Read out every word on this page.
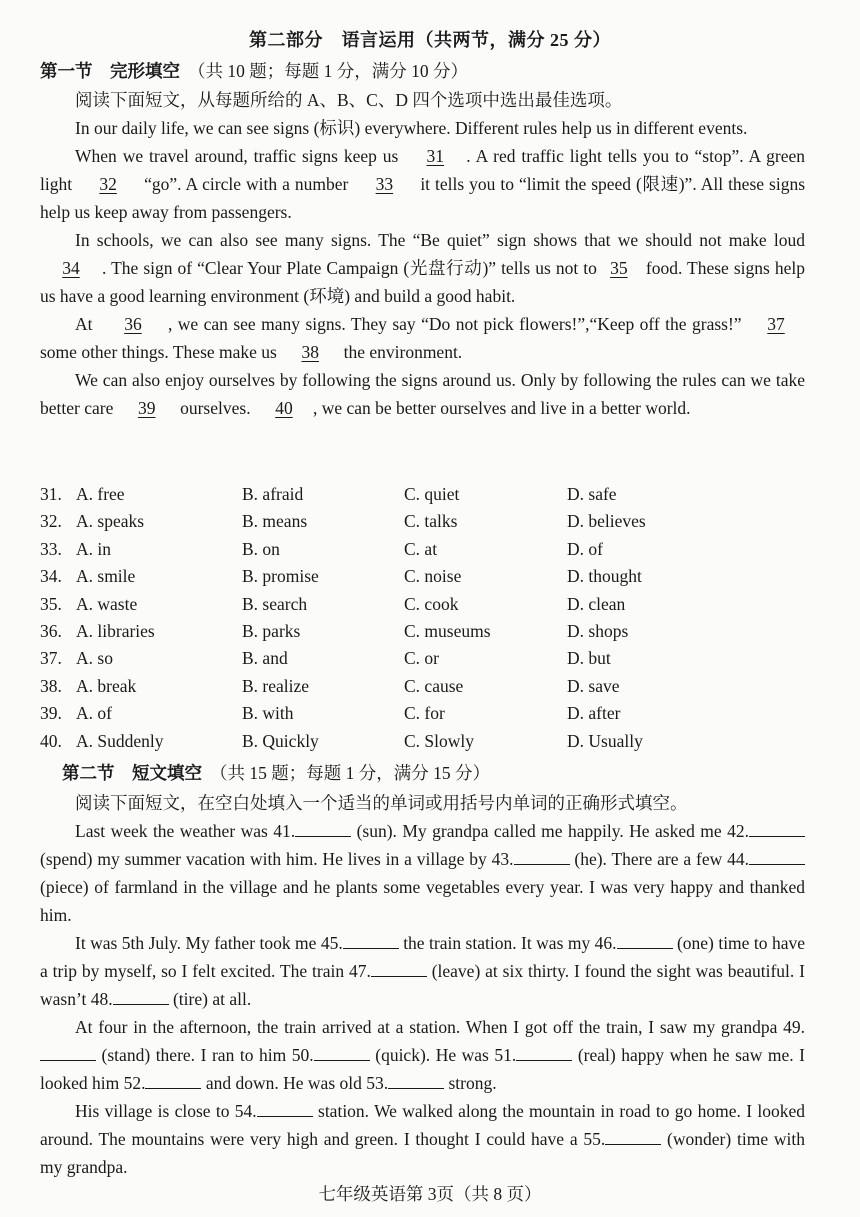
第二部分　语言运用（共两节，满分 25 分）
第一节　完形填空 （共 10 题；每题 1 分，满分 10 分）

阅读下面短文，从每题所给的 A、B、C、D 四个选项中选出最佳选项。

In our daily life, we can see signs (标识) everywhere. Different rules help us in different events.

When we travel around, traffic signs keep us 31 . A red traffic light tells you to “stop”. A green light 32 “go”. A circle with a number 33 it tells you to “limit the speed (限速)”. All these signs help us keep away from passengers.

In schools, we can also see many signs. The “Be quiet” sign shows that we should not make loud 34 . The sign of “Clear Your Plate Campaign (光盘行动)” tells us not to 35 food. These signs help us have a good learning environment (环境) and build a good habit.

At 36 , we can see many signs. They say “Do not pick flowers!”,“Keep off the grass!” 37some other things. These make us 38 the environment.

We can also enjoy ourselves by following the signs around us. Only by following the rules can we take better care 39 ourselves. 40 , we can be better ourselves and live in a better world.

31. A. free	B. afraid	C. quiet	D. safe
32. A. speaks	B. means	C. talks	D. believes
33. A. in	B. on	C. at	D. of
34. A. smile	B. promise	C. noise	D. thought
35. A. waste	B. search	C. cook	D. clean
36. A. libraries	B. parks	C. museums	D. shops
37. A. so	B. and	C. or	D. but
38. A. break	B. realize	C. cause	D. save
39. A. of	B. with	C. for	D. after
40. A. Suddenly	B. Quickly	C. Slowly	D. Usually
第二节　短文填空 （共 15 题；每题 1 分，满分 15 分）

阅读下面短文，在空白处填入一个适当的单词或用括号内单词的正确形式填空。

Last week the weather was 41.	(sun). My grandpa called me happily. He asked me 42. (spend) my summer vacation with him. He lives in a village by 43.	(he). There are a few 44. (piece) of farmland in the village and he plants some vegetables every year. I was very happy and thanked him.

It was 5th July. My father took me 45.	the train station. It was my 46.	(one) time to have a trip by myself, so I felt excited. The train 47.	(leave) at six thirty. I found the sight was beautiful. I wasn’t 48.	(tire) at all.

At four in the afternoon, the train arrived at a station. When I got off the train, I saw my grandpa 49. (stand) there. I ran to him 50.	(quick). He was 51.	(real) happy when he saw me. I looked him 52.	and down. He was old 53.	strong.

His village is close to 54.	station. We walked along the mountain in road to go home. I looked around. The mountains were very high and green. I thought I could have a 55.	(wonder) time with my grandpa.

七年级英语第 3页（共 8 页）
